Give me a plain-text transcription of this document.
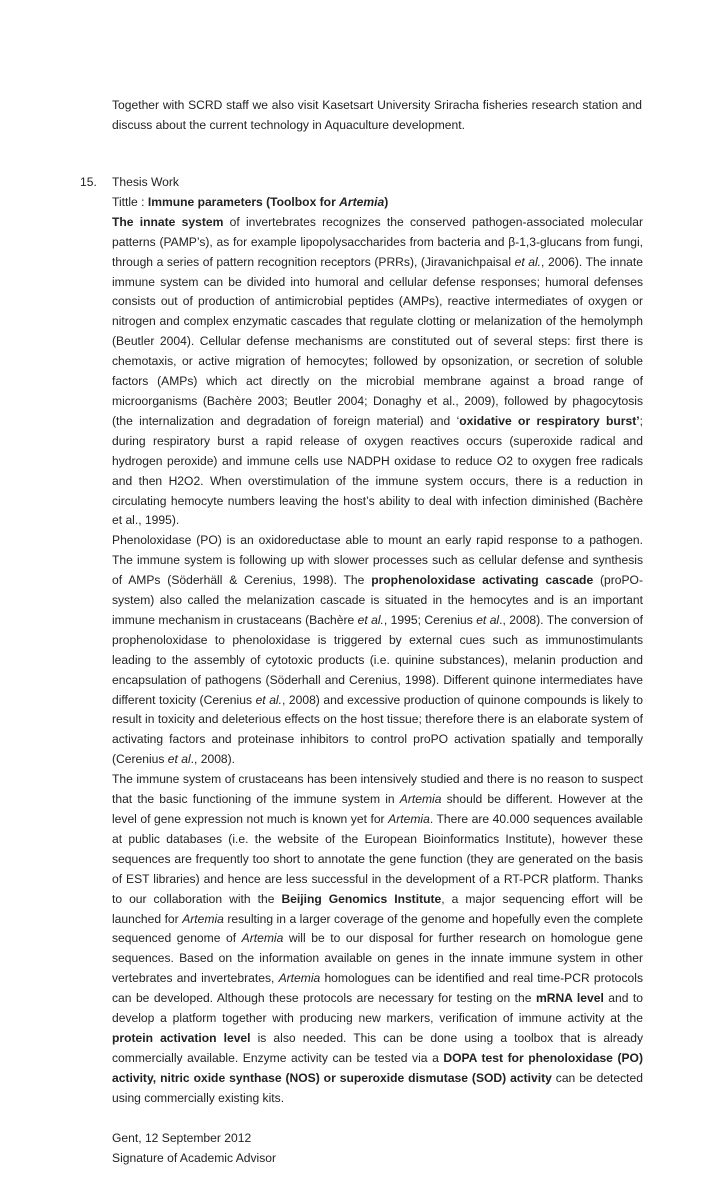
Together with SCRD staff we also visit Kasetsart University Sriracha fisheries research station and discuss about the current technology in Aquaculture development.

15. Thesis Work

Tittle : Immune parameters (Toolbox for Artemia)

The innate system of invertebrates recognizes the conserved pathogen-associated molecular patterns (PAMP’s), as for example lipopolysaccharides from bacteria and β-1,3-glucans from fungi, through a series of pattern recognition receptors (PRRs), (Jiravanichpaisal et al., 2006). The innate immune system can be divided into humoral and cellular defense responses; humoral defenses consists out of production of antimicrobial peptides (AMPs), reactive intermediates of oxygen or nitrogen and complex enzymatic cascades that regulate clotting or melanization of the hemolymph (Beutler 2004). Cellular defense mechanisms are constituted out of several steps: first there is chemotaxis, or active migration of hemocytes; followed by opsonization, or secretion of soluble factors (AMPs) which act directly on the microbial membrane against a broad range of microorganisms (Bachère 2003; Beutler 2004; Donaghy et al., 2009), followed by phagocytosis (the internalization and degradation of foreign material) and ‘oxidative or respiratory burst’; during respiratory burst a rapid release of oxygen reactives occurs (superoxide radical and hydrogen peroxide) and immune cells use NADPH oxidase to reduce O2 to oxygen free radicals and then H2O2. When overstimulation of the immune system occurs, there is a reduction in circulating hemocyte numbers leaving the host’s ability to deal with infection diminished (Bachère et al., 1995).

Phenoloxidase (PO) is an oxidoreductase able to mount an early rapid response to a pathogen. The immune system is following up with slower processes such as cellular defense and synthesis of AMPs (Söderhäll & Cerenius, 1998). The prophenoloxidase activating cascade (proPO-system) also called the melanization cascade is situated in the hemocytes and is an important immune mechanism in crustaceans (Bachère et al., 1995; Cerenius et al., 2008). The conversion of prophenoloxidase to phenoloxidase is triggered by external cues such as immunostimulants leading to the assembly of cytotoxic products (i.e. quinine substances), melanin production and encapsulation of pathogens (Söderhall and Cerenius, 1998). Different quinone intermediates have different toxicity (Cerenius et al., 2008) and excessive production of quinone compounds is likely to result in toxicity and deleterious effects on the host tissue; therefore there is an elaborate system of activating factors and proteinase inhibitors to control proPO activation spatially and temporally (Cerenius et al., 2008).

The immune system of crustaceans has been intensively studied and there is no reason to suspect that the basic functioning of the immune system in Artemia should be different. However at the level of gene expression not much is known yet for Artemia. There are 40.000 sequences available at public databases (i.e. the website of the European Bioinformatics Institute), however these sequences are frequently too short to annotate the gene function (they are generated on the basis of EST libraries) and hence are less successful in the development of a RT-PCR platform. Thanks to our collaboration with the Beijing Genomics Institute, a major sequencing effort will be launched for Artemia resulting in a larger coverage of the genome and hopefully even the complete sequenced genome of Artemia will be to our disposal for further research on homologue gene sequences. Based on the information available on genes in the innate immune system in other vertebrates and invertebrates, Artemia homologues can be identified and real time-PCR protocols can be developed. Although these protocols are necessary for testing on the mRNA level and to develop a platform together with producing new markers, verification of immune activity at the protein activation level is also needed. This can be done using a toolbox that is already commercially available. Enzyme activity can be tested via a DOPA test for phenoloxidase (PO) activity, nitric oxide synthase (NOS) or superoxide dismutase (SOD) activity can be detected using commercially existing kits.

Gent, 12 September 2012

Signature of Academic Advisor
